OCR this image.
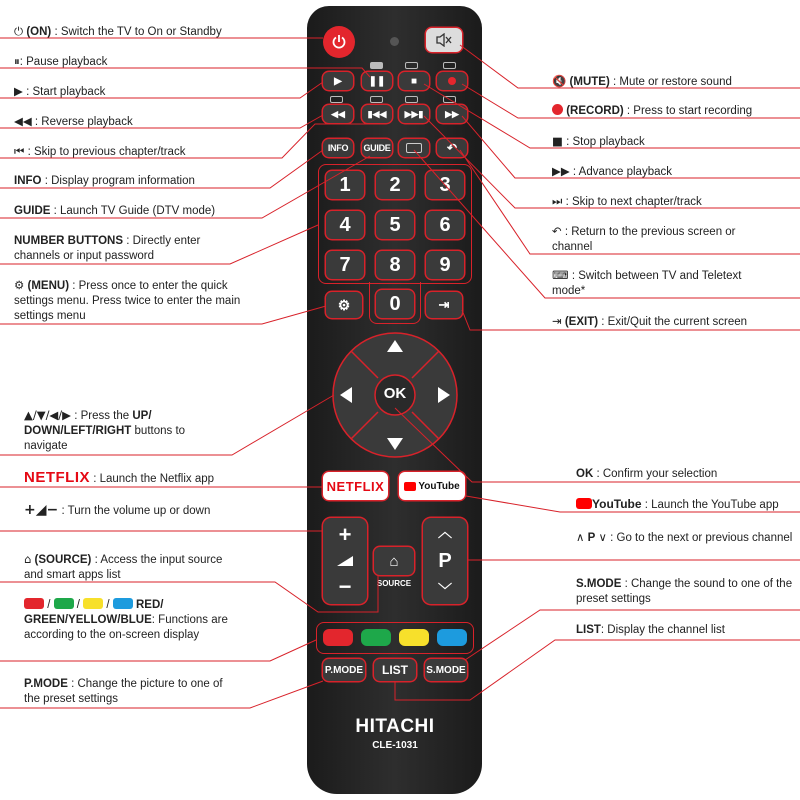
⏻ (ON) : Switch the TV to On or Standby
⏸: Pause playback
▶ : Start playback
◀◀ : Reverse playback
⏮ : Skip to previous chapter/track
INFO : Display program information
GUIDE : Launch TV Guide (DTV mode)
NUMBER BUTTONS : Directly enter channels or input password
⚙ (MENU) : Press once to enter the quick settings menu. Press twice to enter the main settings menu
▲/▼/◀/▶ : Press the UP/ DOWN/LEFT/RIGHT buttons to navigate
NETFLIX : Launch the Netflix app
+◢− : Turn the volume up or down
⌂ (SOURCE) : Access the input source and smart apps list
/  /  /  RED/ GREEN/YELLOW/BLUE: Functions are according to the on-screen display
P.MODE : Change the picture to one of the preset settings
🔇 (MUTE) : Mute or restore sound
(RECORD) : Press to start recording
■ : Stop playback
▶▶ : Advance playback
⏭ : Skip to next chapter/track
↶ : Return to the previous screen or channel
⌨ : Switch between TV and Teletext mode*
⇥ (EXIT) : Exit/Quit the current screen
OK : Confirm your selection
YouTube : Launch the YouTube app
∧ P ∨ : Go to the next or previous channel
S.MODE : Change the sound to one of the preset settings
LIST: Display the channel list
▶	❚❚	■
◀◀	▮◀◀ ▶▶▮ ▶▶
INFO	GUIDE	↶
1	2	3
4	5	6
7	8	9
⚙	0	⇥
OK
NETFLIX	YouTube
+
−
⌂
SOURCE
︿
P
﹀
P.MODE	LIST	S.MODE
HITACHI
CLE-1031
